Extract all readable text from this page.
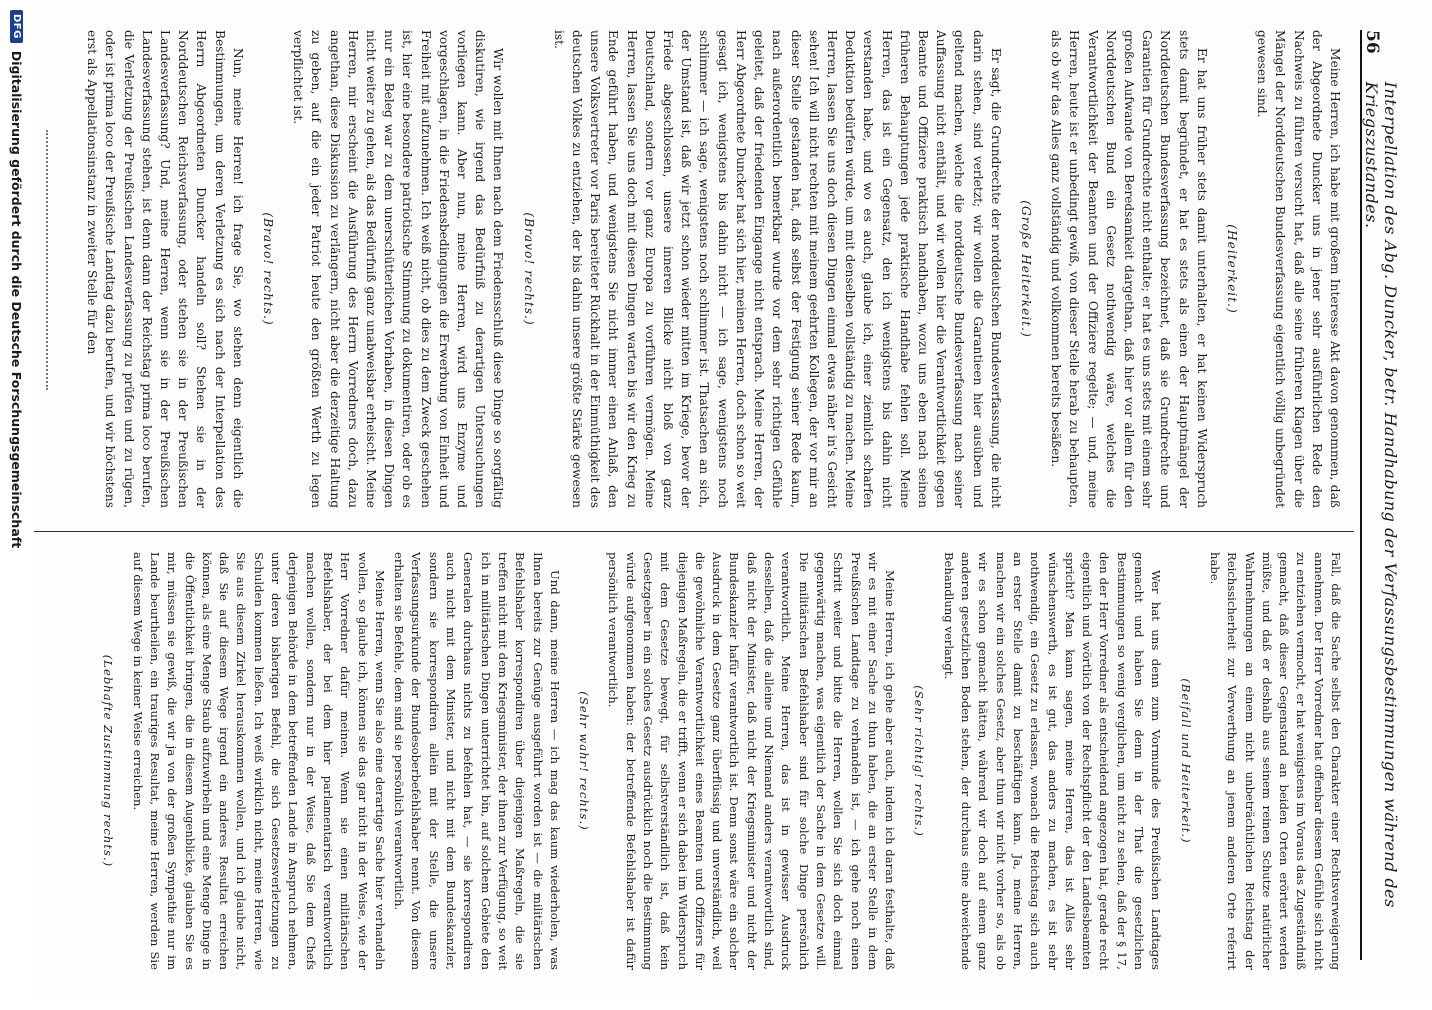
56
Interpellation des Abg. Duncker, betr. Handhabung der Verfassungsbestimmungen während des Kriegszustandes.

Meine Herren, ich habe mit großem Interesse Akt davon genommen, daß der Abgeordnete Duncker uns in jener sehr ausführlichen Rede den Nachweis zu führen versucht hat, daß alle seine früheren Klagen über die Mängel der Norddeutschen Bundesverfassung eigentlich völlig unbegründet gewesen sind.

(Heiterkeit.)

Er hat uns früher stets damit unterhalten, er hat keinen Widerspruch stets damit begründet, er hat es stets als einen der Hauptmängel der Norddeutschen Bundesverfassung bezeichnet, daß sie Grundrechte und Garantien für Grundrechte nicht enthalte; er hat es uns stets mit einem sehr großen Aufwande von Beredsamkeit dargethan, daß hier vor allem für den Norddeutschen Bund ein Gesetz nothwendig wäre, welches die Verantwortlichkeit der Beamten und der Offiziere regelte; — und, meine Herren, heute ist er unbedingt gewiß, von dieser Stelle herab zu behaupten, als ob wir das Alles ganz vollständig und vollkommen bereits besäßen.

(Große Heiterkeit.)

Er sagt, die Grundrechte der norddeutschen Bundesverfassung, die nicht darin stehen, sind verletzt; wir wollen die Garantieen hier ausüben und geltend machen, welche die norddeutsche Bundesverfassung nach seiner Auffassung nicht enthält, und wir wollen hier die Verantwortlichkeit gegen Beamte und Offiziere praktisch handhaben, wozu uns eben nach seinen früheren Behauptungen jede praktische Handhabe fehlen soll. Meine Herren, das ist ein Gegensatz, den ich wenigstens bis dahin nicht verstanden habe, und wo es auch, glaube ich, einer ziemlich scharfen Deduktion bedürfen würde, um mit denselben vollständig zu machen. Meine Herren, lassen Sie uns doch diesen Dingen einmal etwas näher in's Gesicht sehen! Ich will nicht rechten mit meinem geehrten Kollegen, der vor mir an dieser Stelle gestanden hat, daß selbst der Festigung seiner Rede kaum, nach außerordentlich bemerkbar wurde vor dem sehr richtigen Gefühle geleitet, daß der friedenden Eingange nicht entsprach. Meine Herren, der Herr Abgeordnete Duncker hat sich hier, meinen Herren, doch schon so weit gesagt ich, wenigstens bis dahin nicht — ich sage, wenigstens noch schlimmer — ich sage, wenigstens noch schlimmer ist. Thatsachen an sich, der Umstand ist, daß wir jetzt schon wieder mitten im Kriege, bevor der Friede abgeschlossen, unsere inneren Blicke nicht bloß von ganz Deutschland, sondern vor ganz Europa zu vorführen vermögen. Meine Herren, lassen Sie uns doch mit diesen Dingen warten bis wir den Krieg zu Ende geführt haben, und wenigstens Sie nicht immer einen Anlaß, den unsere Volksvertreter vor Paris bereiteter Rückhalt in der Einmüthigkeit des deutschen Volkes zu entziehen, der bis dahin unsere größte Stärke gewesen ist.

(Bravo! rechts.)

Wir wollen mit Ihnen nach dem Friedensschluß diese Dinge so sorgfältig diskutiren, wie irgend das Bedürfniß zu derartigen Untersuchungen vorliegen kann. Aber nun, meine Herren, wird uns Enzyme und vorgeschlagen, in die Friedensbedingungen die Erwerbung von Einheit und Freiheit mit aufzunehmen. Ich weiß nicht, ob dies zu dem Zweck geschehen ist, hier eine besondere patriotische Stimmung zu dokumentiren, oder ob es nur ein Beleg war zu dem unerschütterlichen Vorhaben, in diesen Dingen nicht weiter zu gehen, als das Bedürfniß ganz unabweisbar erheischt. Meine Herren, mir erscheint die Ausführung des Herrn Vorredners doch, dazu angethan, diese Diskussion zu verlängern, nicht aber die derzeitige Haltung zu geben, auf die ein jeder Patriot heute den größten Werth zu legen verpflichtet ist.

(Bravo! rechts.)

Nun, meine Herren! ich frage Sie, wo stehen denn eigentlich die Bestimmungen, um deren Verletzung es sich nach der Interpellation des Herrn Abgeordneten Duncker handeln soll? Stehen sie in der Norddeutschen Reichsverfassung, oder stehen sie in der Preußischen Landesverfassung? Und, meine Herren, wenn sie in der Preußischen Landesverfassung stehen, ist denn dann der Reichstag prima loco berufen, die Verletzung der Preußischen Landesverfassung zu prüfen und zu rügen, oder ist prima loco der Preußische Landtag dazu berufen, und wir höchstens erst als Appellationsinstanz in zweiter Stelle für den

Fall, daß die Sache selbst den Charakter einer Rechtsverweigerung annehmen. Der Herr Vorredner hat offenbar diesem Gefühle sich nicht zu entziehen vermocht, er hat wenigstens im Voraus das Zugeständniß gemacht, daß dieser Gegenstand an beiden Orten erörtert werden müßte, und daß er deshalb aus seinem reinen Schutze natürlicher Wahrnehmungen an einem nicht unbeträchtlichen Reichstag der Reichssicherheit zur Verwerthung an jenem anderen Orte referirt habe.

(Beifall und Heiterkeit.)

Wer hat uns denn zum Vormunde des Preußischen Landtages gemacht und haben Sie denn in der That die gesetzlichen Bestimmungen so wenig verglichen, um nicht zu sehen, daß der § 17, den der Herr Vorredner als entscheidend angezogen hat, gerade recht eigentlich und wörtlich von der Rechtspflicht der den Landesbeamten spricht? Man kann sagen, meine Herren, das ist Alles sehr wünschenswerth, es ist gut, das anders zu machen, es ist sehr nothwendig, ein Gesetz zu erlassen, wonach die Reichstag sich auch an erster Stelle damit zu beschäftigen kann. Ja, meine Herren, machen wir ein solches Gesetz, aber thun wir nicht vorher so, als ob wir es schon gemacht hätten, während wir doch auf einem ganz anderen gesetzlichen Boden stehen, der durchaus eine abweichende Behandlung verlangt.

(Sehr richtig! rechts.)

Meine Herren, ich gehe aber auch, indem ich daran festhalte, daß wir es mit einer Sache zu thun haben, die an erster Stelle in dem Preußischen Landtage zu verhandeln ist, — ich gehe noch einen Schritt weiter und bitte die Herren, wollen Sie sich doch einmal gegenwärtig machen, was eigentlich der Sache in dem Gesetze will. Die militärischen Befehlshaber sind für solche Dinge persönlich verantwortlich. Meine Herren, das ist in gewisser Ausdruck desselben, daß die alleine und Niemand anders verantwortlich sind, daß nicht der Minister, daß nicht der Kriegsminister und nicht der Bundeskanzler hafür verantwortlich ist. Denn sonst wäre ein solcher Ausdruck in dem Gesetze ganz überflüssig und unverständlich, weil die gewöhnliche Verantwortlichkeit eines Beamten und Offiziers für diejenigen Maßregeln, die er trifft, wenn er sich dabei im Widerspruch mit dem Gesetze bewegt, für selbstverständlich ist, daß kein Gesetzgeber in ein solches Gesetz ausdrücklich noch die Bestimmung würde aufgenommen haben: der betreffende Befehlshaber ist dafür persönlich verantwortlich.

(Sehr wahr! rechts.)

Und dann, meine Herren — ich mag das kaum wiederholen, was Ihnen bereits zur Genüge ausgeführt worden ist — die militärischen Befehlshaber korrespondiren über diejenigen Maßregeln, die sie treffen nicht mit dem Kriegsminister, der ihnen zur Verfügung, so weit ich in militärischen Dingen unterrichtet bin, auf solchem Gebiete den Generalen durchaus nichts zu befehlen hat, — sie korrespondiren auch nicht mit dem Minister, und nicht mit dem Bundeskanzler, sondern sie korrespondiren allein mit der Stelle, die unsere Verfassungsurkunde der Bundesoberbefehlshaber nennt. Von diesem erhalten sie Befehle, dem sind sie persönlich verantwortlich.

Meine Herren, wenn Sie also eine derartige Sache hier verhandeln wollen, so glaube ich, können sie das gar nicht in der Weise, wie der Herr Vorredner dafür meinen. Wenn sie einen militärischen Befehlshaber, der bei dem hier parlamentarisch verantwortlich machen wollen, sondern nur in der Weise, daß Sie dem Chefs derjenigen Behörde in dem betreffenden Lande in Anspruch nehmen, unter deren bisherigen Befehl, die sich Gesetzesverletzungen zu Schulden kommen ließen. Ich weiß wirklich nicht, meine Herren, wie Sie aus diesem Zirkel herauskommen wollen, und ich glaube nicht, daß Sie auf diesem Wege irgend ein anderes Resultat erreichen können, als eine Menge Staub aufzuwirbeln und eine Menge Dinge in die Öffentlichkeit bringen, die in diesem Augenblicke, glauben Sie es mir, müssen sie gewiß, die wir ja von der großen Sympathie nur im Lande beurtheilen, ein trauriges Resultat, meine Herren, werden Sie auf diesem Wege in keiner Weise erreichen.

(Lebhafte Zustimmung rechts.)

DFG
Digitalisierung gefördert durch die Deutsche Forschungsgemeinschaft
